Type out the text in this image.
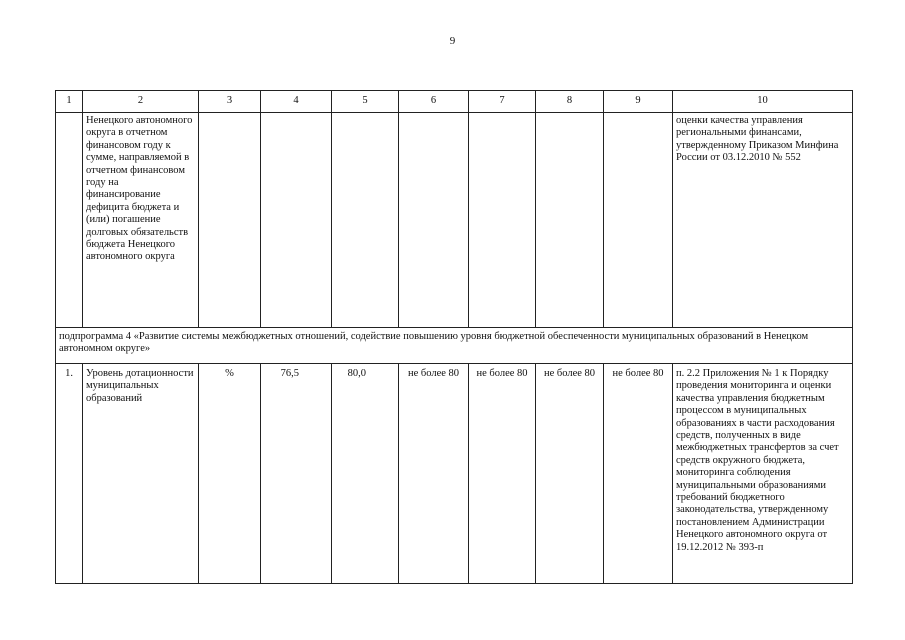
9
1	2	3	4	5	6	7	8	9	10
	Ненецкого автономного округа в отчетном финансовом году к сумме, направляемой в отчетном финансовом году на финансирование дефицита бюджета и (или) погашение долговых обязательств бюджета Ненецкого автономного округа								оценки качества управления региональными финансами, утвержденному Приказом Минфина России от 03.12.2010 № 552
подпрограмма 4 «Развитие системы межбюджетных отношений, содействие повышению уровня бюджетной обеспеченности муниципальных образований в Ненецком автономном округе»									
1.	Уровень дотационности муниципальных образований	%	76,5	80,0	не более 80	не более 80	не более 80	не более 80	п. 2.2 Приложения № 1 к Порядку проведения мониторинга и оценки качества управления бюджетным процессом в муниципальных образованиях в части расходования средств, полученных в виде межбюджетных трансфертов за счет средств окружного бюджета, мониторинга соблюдения муниципальными образованиями требований бюджетного законодательства, утвержденному постановлением Администрации Ненецкого автономного округа от 19.12.2012 № 393-п
